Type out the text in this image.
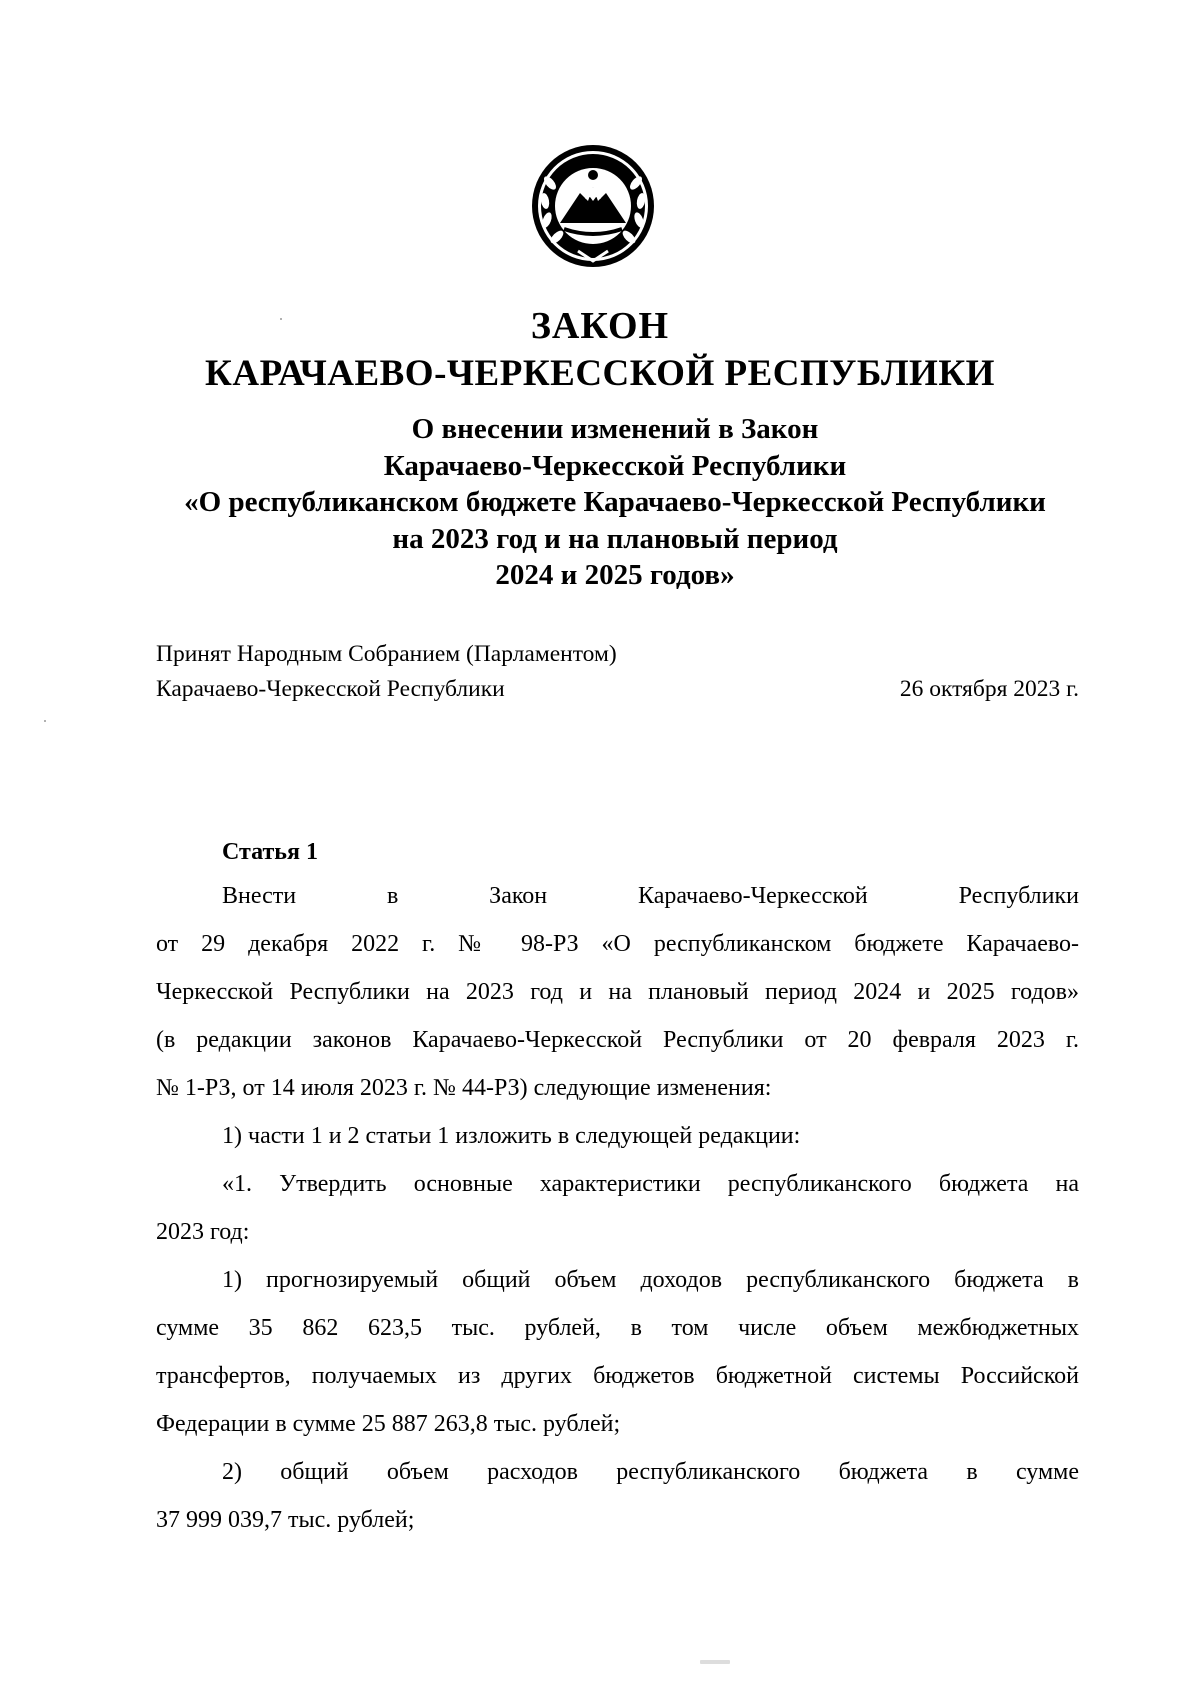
ЗАКОН
КАРАЧАЕВО-ЧЕРКЕССКОЙ РЕСПУБЛИКИ
О внесении изменений в Закон
Карачаево-Черкесской Республики
«О республиканском бюджете Карачаево-Черкесской Республики
на 2023 год и на плановый период
2024 и 2025 годов»
Принят Народным Собранием (Парламентом)
Карачаево-Черкесской Республики	26 октября 2023 г.
Статья 1
Внести в Закон Карачаево-Черкесской Республики
от 29 декабря 2022 г. № 98-РЗ «О республиканском бюджете Карачаево-
Черкесской Республики на 2023 год и на плановый период 2024 и 2025 годов»
(в редакции законов Карачаево-Черкесской Республики от 20 февраля 2023 г.
№ 1-РЗ, от 14 июля 2023 г. № 44-РЗ) следующие изменения:
1) части 1 и 2 статьи 1 изложить в следующей редакции:
«1. Утвердить основные характеристики республиканского бюджета на
2023 год:
1) прогнозируемый общий объем доходов республиканского бюджета в
сумме 35 862 623,5 тыс. рублей, в том числе объем межбюджетных
трансфертов, получаемых из других бюджетов бюджетной системы Российской
Федерации в сумме 25 887 263,8 тыс. рублей;
2) общий объем расходов республиканского бюджета в сумме
37 999 039,7 тыс. рублей;
